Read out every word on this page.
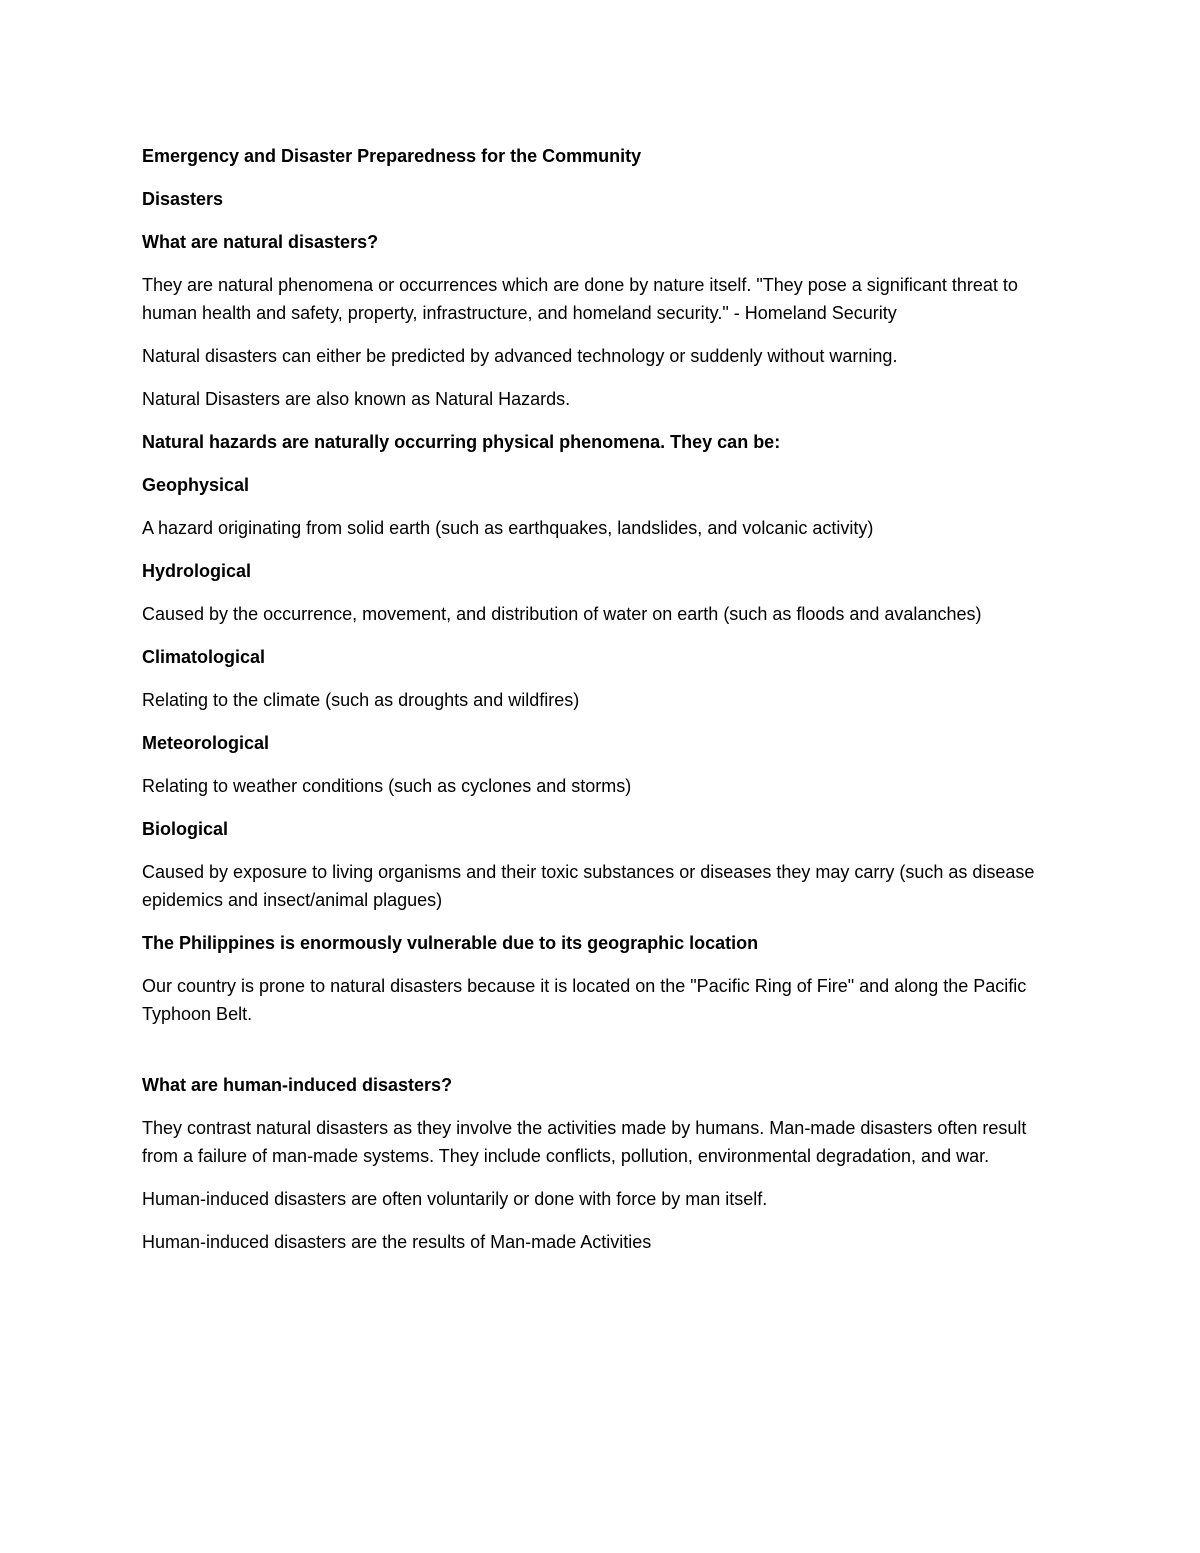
Emergency and Disaster Preparedness for the Community

Disasters

What are natural disasters?

They are natural phenomena or occurrences which are done by nature itself. "They pose a significant threat to human health and safety, property, infrastructure, and homeland security." - Homeland Security

Natural disasters can either be predicted by advanced technology or suddenly without warning.

Natural Disasters are also known as Natural Hazards.

Natural hazards are naturally occurring physical phenomena. They can be:

Geophysical

A hazard originating from solid earth (such as earthquakes, landslides, and volcanic activity)

Hydrological

Caused by the occurrence, movement, and distribution of water on earth (such as floods and avalanches)

Climatological

Relating to the climate (such as droughts and wildfires)

Meteorological

Relating to weather conditions (such as cyclones and storms)

Biological

Caused by exposure to living organisms and their toxic substances or diseases they may carry (such as disease epidemics and insect/animal plagues)

The Philippines is enormously vulnerable due to its geographic location

Our country is prone to natural disasters because it is located on the "Pacific Ring of Fire" and along the Pacific Typhoon Belt.

What are human-induced disasters?

They contrast natural disasters as they involve the activities made by humans. Man-made disasters often result from a failure of man-made systems. They include conflicts, pollution, environmental degradation, and war.

Human-induced disasters are often voluntarily or done with force by man itself.

Human-induced disasters are the results of Man-made Activities
